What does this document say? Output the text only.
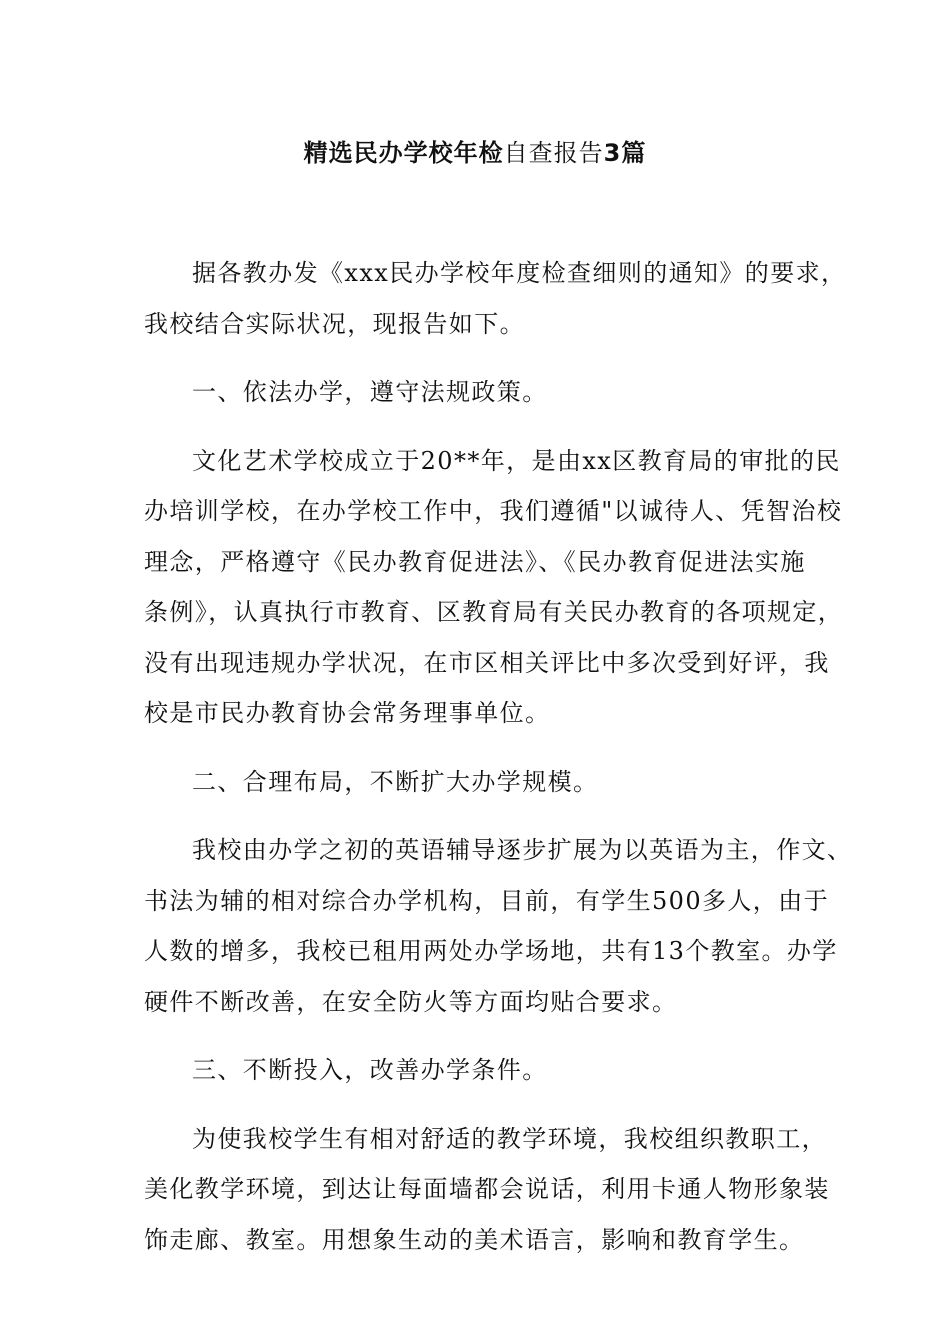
精选民办学校年检自查报告3篇

据各教办发《xxx民办学校年度检查细则的通知》的要求，
我校结合实际状况，现报告如下。

一、依法办学，遵守法规政策。

文化艺术学校成立于20**年，是由xx区教育局的审批的民
办培训学校，在办学校工作中，我们遵循"以诚待人、凭智治校
理念，严格遵守《民办教育促进法》、《民办教育促进法实施
条例》，认真执行市教育、区教育局有关民办教育的各项规定，
没有出现违规办学状况，在市区相关评比中多次受到好评，我
校是市民办教育协会常务理事单位。

二、合理布局，不断扩大办学规模。

我校由办学之初的英语辅导逐步扩展为以英语为主，作文、
书法为辅的相对综合办学机构，目前，有学生500多人，由于
人数的增多，我校已租用两处办学场地，共有13个教室。办学
硬件不断改善，在安全防火等方面均贴合要求。

三、不断投入，改善办学条件。

为使我校学生有相对舒适的教学环境，我校组织教职工，
美化教学环境，到达让每面墙都会说话，利用卡通人物形象装
饰走廊、教室。用想象生动的美术语言，影响和教育学生。
